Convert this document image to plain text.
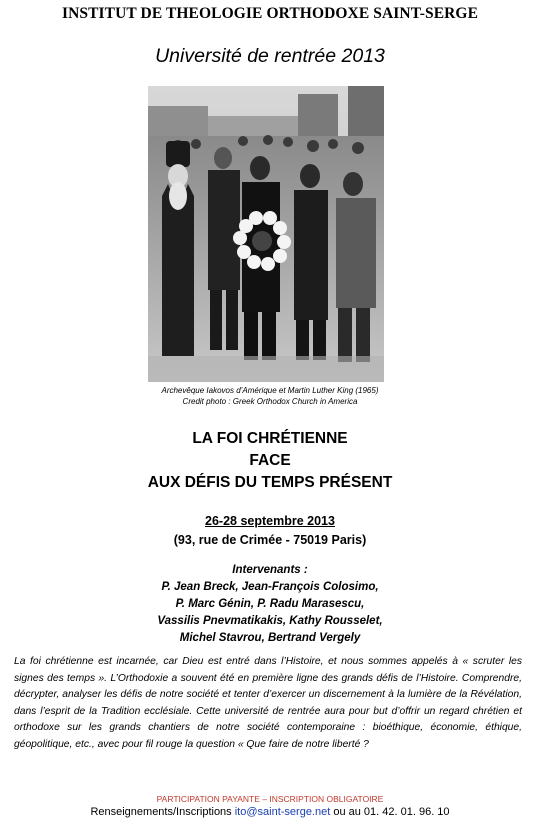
INSTITUT DE THEOLOGIE ORTHODOXE SAINT-SERGE
Université de rentrée 2013
Archevêque Iakovos d’Amérique et Martin Luther King (1965)
Credit photo : Greek Orthodox Church in America
LA FOI CHRÉTIENNE
FACE
AUX DÉFIS DU TEMPS PRÉSENT
26-28 septembre 2013
(93, rue de Crimée - 75019 Paris)
Intervenants :
P. Jean Breck, Jean-François Colosimo,
P. Marc Génin, P. Radu Marasescu,
Vassilis Pnevmatikakis, Kathy Rousselet,
Michel Stavrou, Bertrand Vergely
La foi chrétienne est incarnée, car Dieu est entré dans l’Histoire, et nous sommes appelés à « scruter les signes des temps ». L’Orthodoxie a souvent été en première ligne des grands défis de l’Histoire. Comprendre, décrypter, analyser les défis de notre société et tenter d’exercer un discernement à la lumière de la Révélation, dans l’esprit de la Tradition ecclésiale. Cette université de rentrée aura pour but d’offrir un regard chrétien et orthodoxe sur les grands chantiers de notre société contemporaine : bioéthique, économie, éthique, géopolitique, etc., avec pour fil rouge la question « Que faire de notre liberté ?
PARTICIPATION PAYANTE – INSCRIPTION OBLIGATOIRE
Renseignements/Inscriptions ito@saint-serge.net ou au 01. 42. 01. 96. 10
